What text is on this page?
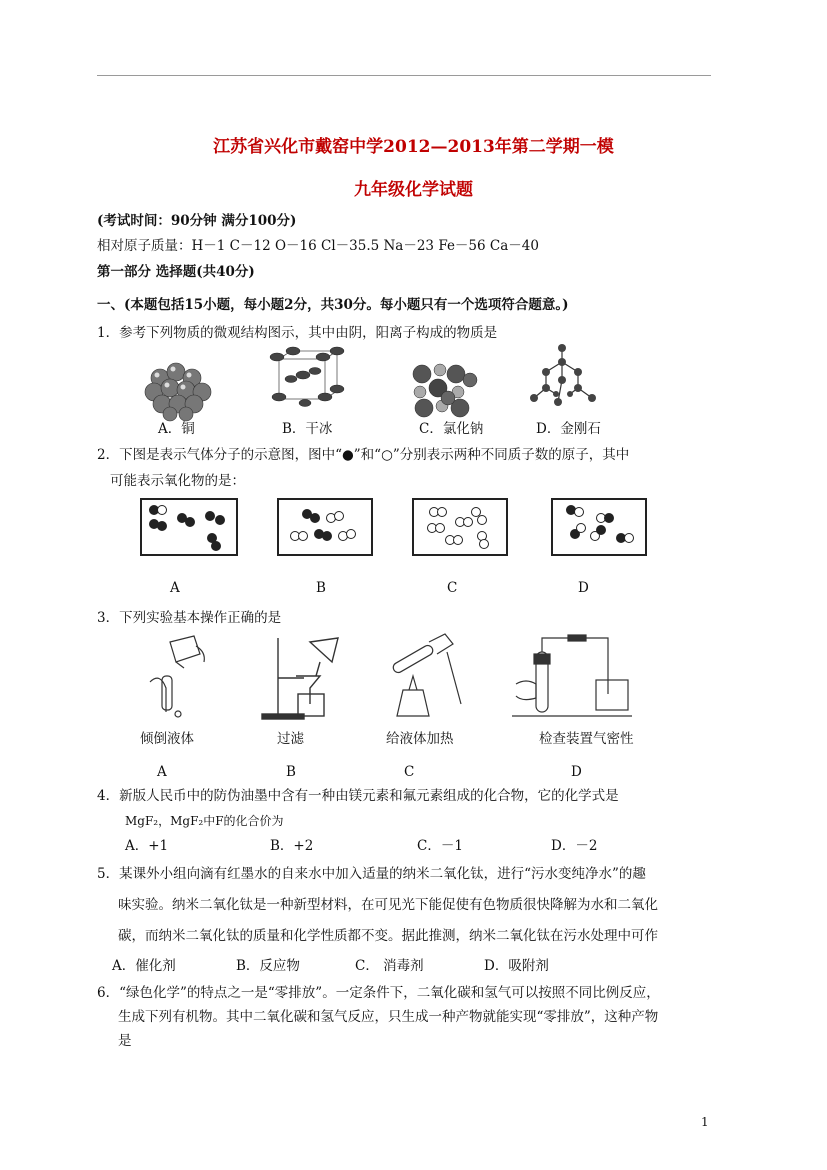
江苏省兴化市戴窑中学2012—2013年第二学期一模
九年级化学试题
(考试时间：90分钟 满分100分)
相对原子质量：H－1 C－12 O－16 Cl－35.5 Na－23 Fe－56 Ca－40
第一部分 选择题(共40分)
一、(本题包括15小题，每小题2分，共30分。每小题只有一个选项符合题意。)
1．参考下列物质的微观结构图示，其中由阴，阳离子构成的物质是
A．铜	B．干冰	C．氯化钠	D．金刚石
2．下图是表示气体分子的示意图，图中“●”和“○”分别表示两种不同质子数的原子，其中
可能表示氧化物的是：
A	B	C	D
3．下列实验基本操作正确的是
倾倒液体	过滤	给液体加热	检查装置气密性
A	B	C	D
4．新版人民币中的防伪油墨中含有一种由镁元素和氟元素组成的化合物，它的化学式是
MgF₂，MgF₂中F的化合价为
A．+1	B．+2	C．－1	D．－2
5．某课外小组向滴有红墨水的自来水中加入适量的纳米二氧化钛，进行“污水变纯净水”的趣
味实验。纳米二氧化钛是一种新型材料，在可见光下能促使有色物质很快降解为水和二氧化
碳，而纳米二氧化钛的质量和化学性质都不变。据此推测，纳米二氧化钛在污水处理中可作
A．催化剂	B．反应物	C． 消毒剂	D．吸附剂
6．“绿色化学”的特点之一是“零排放”。一定条件下，二氧化碳和氢气可以按照不同比例反应，
生成下列有机物。其中二氧化碳和氢气反应，只生成一种产物就能实现“零排放”，这种产物
是
1
